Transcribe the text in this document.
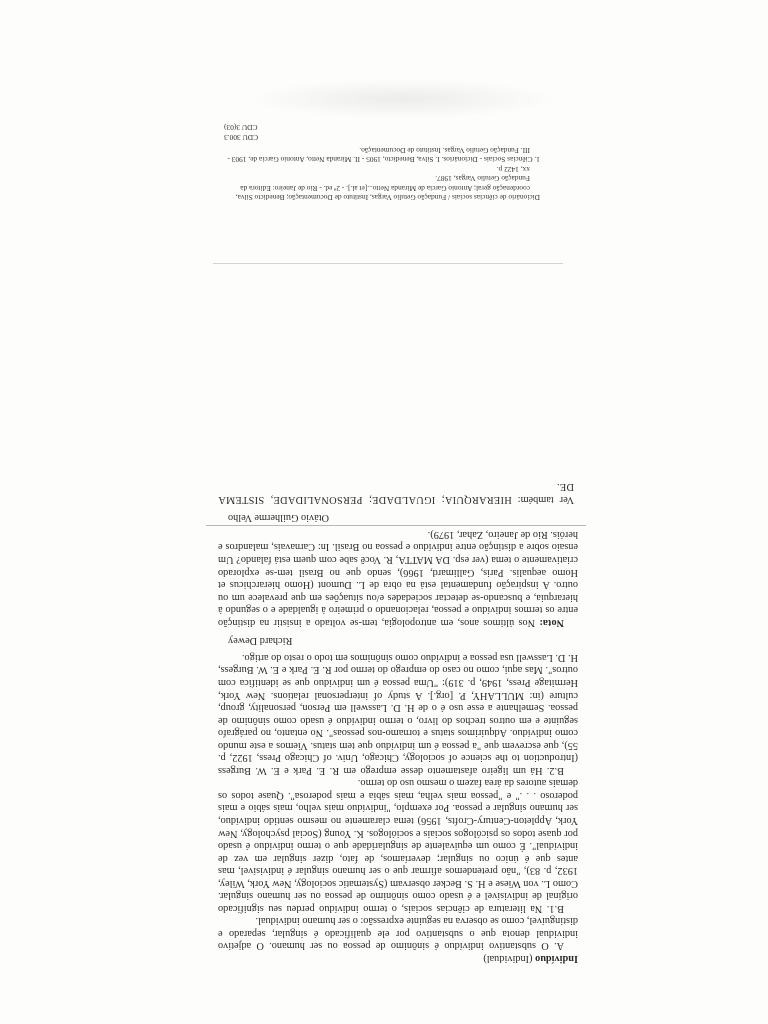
Indivíduo (Individual)

A. O substantivo indivíduo é sinônimo de pessoa ou ser humano. O adjetivo individual denota que o substantivo por ele qualificado é singular, separado e distinguível, como se observa na seguinte expressão: o ser humano individual.

B.1. Na literatura de ciências sociais, o termo indivíduo perdeu seu significado original de indivisível e é usado como sinônimo de pessoa ou ser humano singular. Como L. von Wiese e H. S. Becker observam (Systematic sociology, New York, Wiley, 1932, p. 83), "não pretendemos afirmar que o ser humano singular é indivisível, mas antes que é único ou singular; deveríamos, de fato, dizer singular em vez de indivídual". É como um equivalente de singularidade que o termo indivíduo é usado por quase todos os psicólogos sociais e sociólogos. K. Young (Social psychology, New York, Appleton-Century-Crofts, 1956) tema claramente no mesmo sentido indivíduo, ser humano singular e pessoa. Por exemplo, "indivíduo mais velho, mais sábio e mais poderoso . . ." e "pessoa mais velha, mais sábia e mais poderosa". Quase todos os demais autores da área fazem o mesmo uso do termo.

B.2. Há um ligeiro afastamento desse emprego em R. E. Park e E. W. Burgess (Introduction to the science of sociology, Chicago, Univ. of Chicago Press, 1922, p. 55), que escrevem que "a pessoa é um indivíduo que tem status. Viemos a este mundo como indivíduo. Adquirimos status e tornamo-nos pessoas". No entanto, no parágrafo seguinte e em outros trechos do livro, o termo indivíduo é usado como sinônimo de pessoa. Semelhante a esse uso é o de H. D. Lasswell em Person, personality, group, culture (in: MULLAHY, P. [org.]. A study of interpersonal relations. New York, Hermitage Press, 1949, p. 319): "Uma pessoa é um indivíduo que se identifica com outros". Mas aqui, como no caso do emprego do termo por R. E. Park e E. W. Burgess, H. D. Lasswell usa pessoa e indivíduo como sinônimos em todo o resto do artigo.

Richard Dewey

Nota: Nos últimos anos, em antropologia, tem-se voltado a insistir na distinção entre os termos indivíduo e pessoa, relacionando o primeiro à igualdade e o segundo à hierarquia, e buscando-se detectar sociedades e/ou situações em que prevalece um ou outro. A inspiração fundamental está na obra de L. Dumont (Homo hierarchicus et Homo aequalis. Paris, Gallimard, 1966), sendo que no Brasil tem-se explorado criativamente o tema (ver esp. DA MATTA, R. Você sabe com quem está falando? Um ensaio sobre a distinção entre indivíduo e pessoa no Brasil. In: Carnavais, malandros e heróis. Rio de Janeiro, Zahar, 1979).

Otávio Guilherme Velho

Ver também: HIERARQUIA; IGUALDADE; PERSONALIDADE, SISTEMA DE.

Dicionário de ciências sociais / Fundação Getulio Vargas, Instituto de Documentação; Benedicto Silva, coordenação geral; Antonio Garcia de Miranda Netto...[et al.]. - 2ª ed. - Rio de Janeiro: Editora da Fundação Getulio Vargas, 1987.

xx, 1422 p.

1. Ciências Sociais - Dicionários. I. Silva, Benedicto, 1905 - II. Miranda Netto, Antonio Garcia de, 1903 - III. Fundação Getulio Vargas. Instituto de Documentação.

CDU 300.3

CDU 3(03)
